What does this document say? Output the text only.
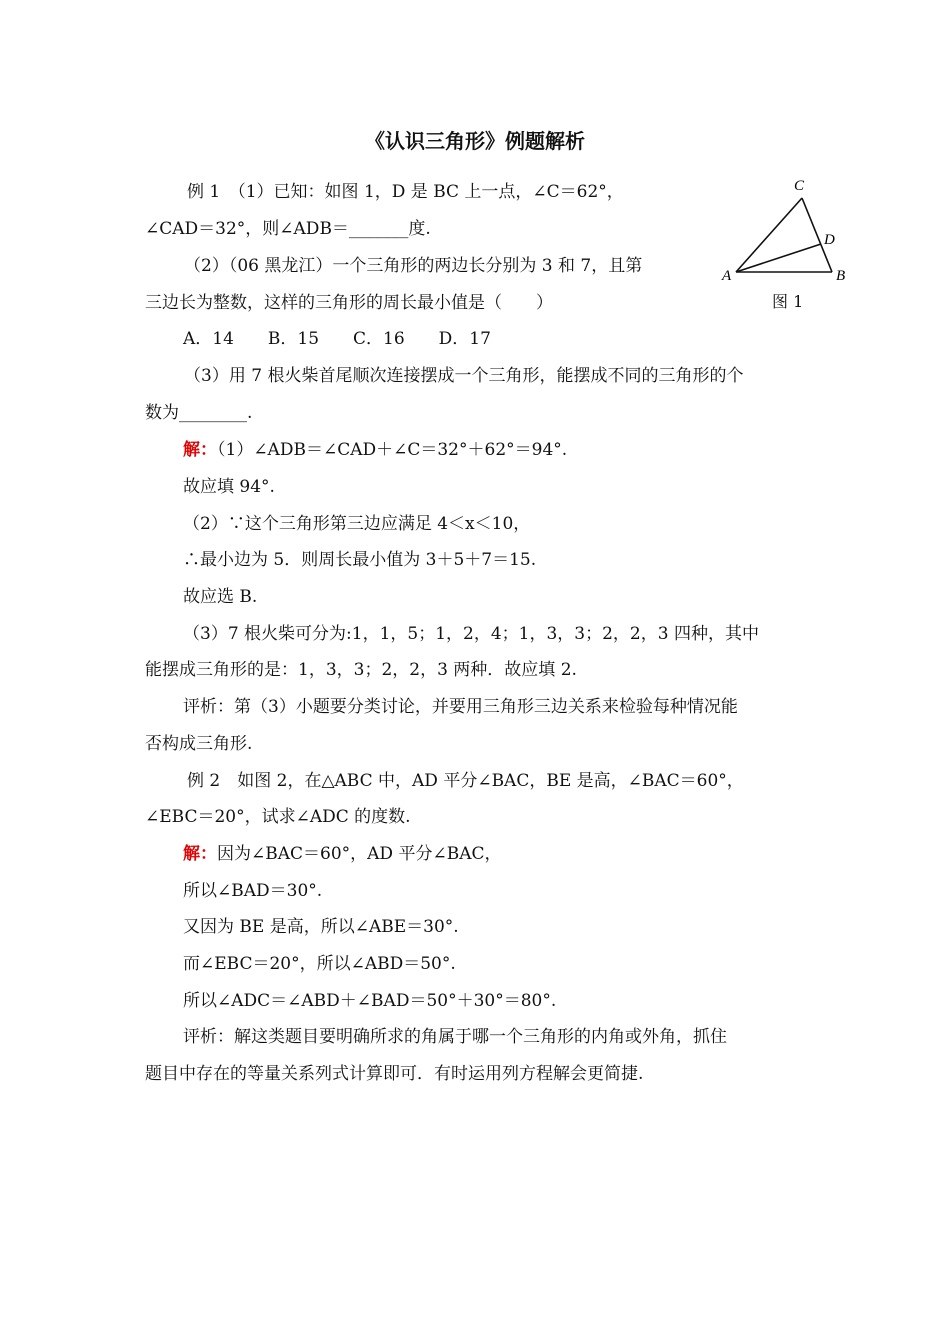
《认识三角形》例题解析
例 1　（1）已知：如图 1，D 是 BC 上一点，∠C＝62°，
∠CAD＝32°，则∠ADB＝_______度.
（2）（06 黑龙江）一个三角形的两边长分别为 3 和 7，且第
三边长为整数，这样的三角形的周长最小值是（　　）
A．14　　B．15　　C．16　　D．17
（3）用 7 根火柴首尾顺次连接摆成一个三角形，能摆成不同的三角形的个
数为________.
C
D
A	B
图 1
解：（1）∠ADB＝∠CAD＋∠C＝32°＋62°＝94°.
故应填 94°.
（2）∵这个三角形第三边应满足 4＜x＜10，
∴最小边为 5．则周长最小值为 3＋5＋7＝15.
故应选 B.
（3）7 根火柴可分为:1，1，5；1，2，4；1，3，3；2，2，3 四种，其中
能摆成三角形的是：1，3，3；2，2，3 两种．故应填 2.
评析：第（3）小题要分类讨论，并要用三角形三边关系来检验每种情况能
否构成三角形.
例 2　如图 2，在△ABC 中，AD 平分∠BAC，BE 是高，∠BAC＝60°，
∠EBC＝20°，试求∠ADC 的度数.
解：因为∠BAC＝60°，AD 平分∠BAC，
所以∠BAD＝30°.
又因为 BE 是高，所以∠ABE＝30°.
而∠EBC＝20°，所以∠ABD＝50°.
所以∠ADC＝∠ABD＋∠BAD＝50°＋30°＝80°.
评析：解这类题目要明确所求的角属于哪一个三角形的内角或外角，抓住
题目中存在的等量关系列式计算即可．有时运用列方程解会更简捷.
